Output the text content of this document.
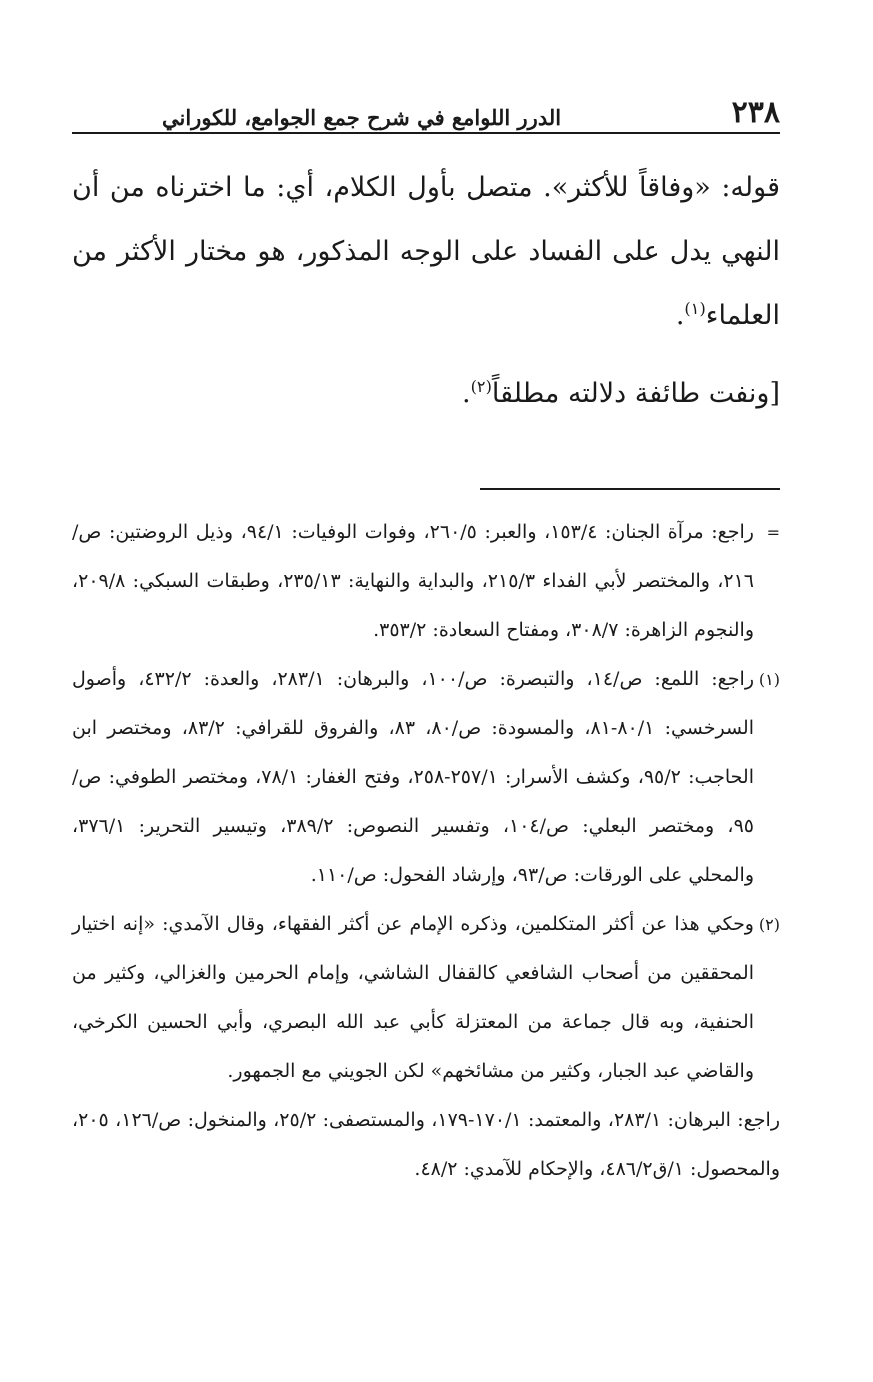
٢٣٨
الدرر اللوامع في شرح جمع الجوامع، للكوراني

قوله: «وفاقاً للأكثر». متصل بأول الكلام، أي: ما اخترناه من أن النهي يدل على الفساد على الوجه المذكور، هو مختار الأكثر من العلماء$^{(١)}$.

[ونفت طائفة دلالته مطلقاً$^{(٢)}$.

=
راجع: مرآة الجنان: ١٥٣/٤، والعبر: ٢٦٠/٥، وفوات الوفيات: ٩٤/١، وذيل الروضتين: ص/٢١٦، والمختصر لأبي الفداء ٢١٥/٣، والبداية والنهاية: ٢٣٥/١٣، وطبقات السبكي: ٢٠٩/٨، والنجوم الزاهرة: ٣٠٨/٧، ومفتاح السعادة: ٣٥٣/٢.

(١)
راجع: اللمع: ص/١٤، والتبصرة: ص/١٠٠، والبرهان: ٢٨٣/١، والعدة: ٤٣٢/٢، وأصول السرخسي: ٨٠/١-٨١، والمسودة: ص/٨٠، ٨٣، والفروق للقرافي: ٨٣/٢، ومختصر ابن الحاجب: ٩٥/٢، وكشف الأسرار: ٢٥٧/١-٢٥٨، وفتح الغفار: ٧٨/١، ومختصر الطوفي: ص/٩٥، ومختصر البعلي: ص/١٠٤، وتفسير النصوص: ٣٨٩/٢، وتيسير التحرير: ٣٧٦/١، والمحلي على الورقات: ص/٩٣، وإرشاد الفحول: ص/١١٠.

(٢)
وحكي هذا عن أكثر المتكلمين، وذكره الإمام عن أكثر الفقهاء، وقال الآمدي: «إنه اختيار المحققين من أصحاب الشافعي كالقفال الشاشي، وإمام الحرمين والغزالي، وكثير من الحنفية، وبه قال جماعة من المعتزلة كأبي عبد الله البصري، وأبي الحسين الكرخي، والقاضي عبد الجبار، وكثير من مشائخهم» لكن الجويني مع الجمهور.

راجع: البرهان: ٢٨٣/١، والمعتمد: ١٧٠/١-١٧٩، والمستصفى: ٢٥/٢، والمنخول: ص/١٢٦، ٢٠٥، والمحصول: ١/ق٤٨٦/٢، والإحكام للآمدي: ٤٨/٢.
